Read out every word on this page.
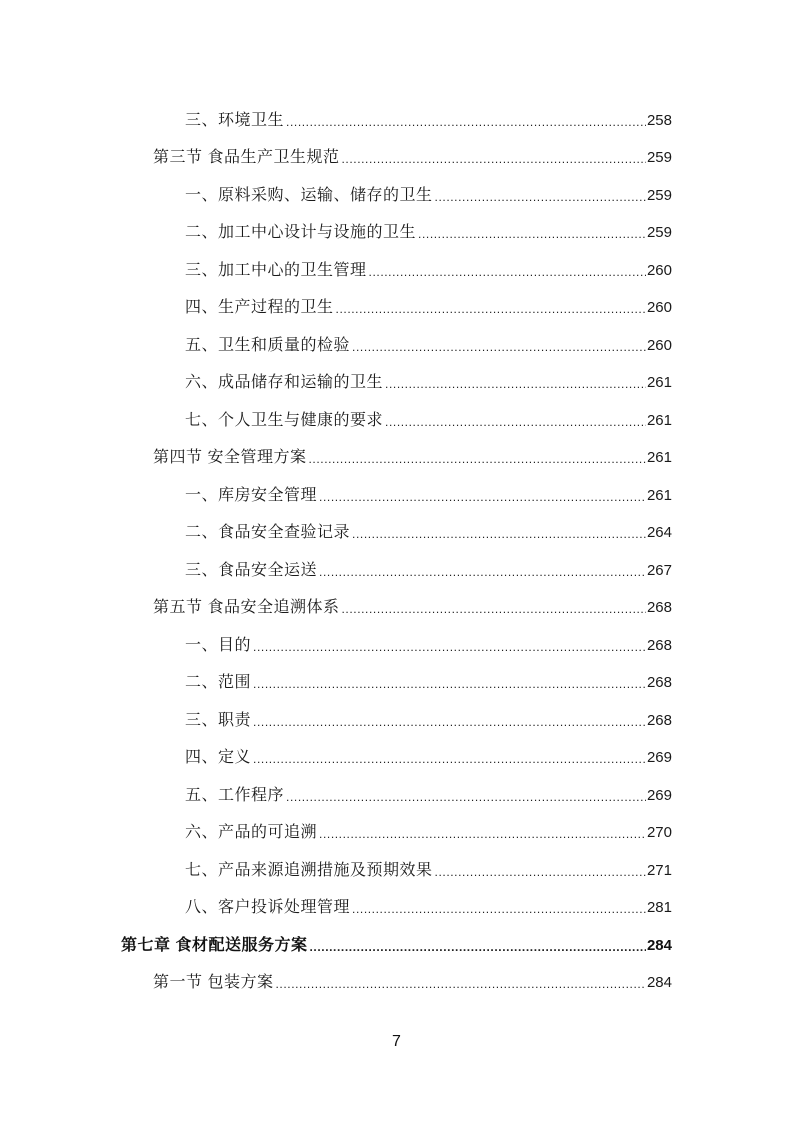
三、环境卫生 .....	258
第三节 食品生产卫生规范 .....	259
一、原料采购、运输、储存的卫生 .....	259
二、加工中心设计与设施的卫生 .....	259
三、加工中心的卫生管理 .....	260
四、生产过程的卫生 .....	260
五、卫生和质量的检验 .....	260
六、成品储存和运输的卫生 .....	261
七、个人卫生与健康的要求 .....	261
第四节 安全管理方案 .....	261
一、库房安全管理 .....	261
二、食品安全查验记录 .....	264
三、食品安全运送 .....	267
第五节 食品安全追溯体系 .....	268
一、目的 .....	268
二、范围 .....	268
三、职责 .....	268
四、定义 .....	269
五、工作程序 .....	269
六、产品的可追溯 .....	270
七、产品来源追溯措施及预期效果 .....	271
八、客户投诉处理管理 .....	281
第七章 食材配送服务方案 .....	284
第一节 包装方案 .....	284
7
